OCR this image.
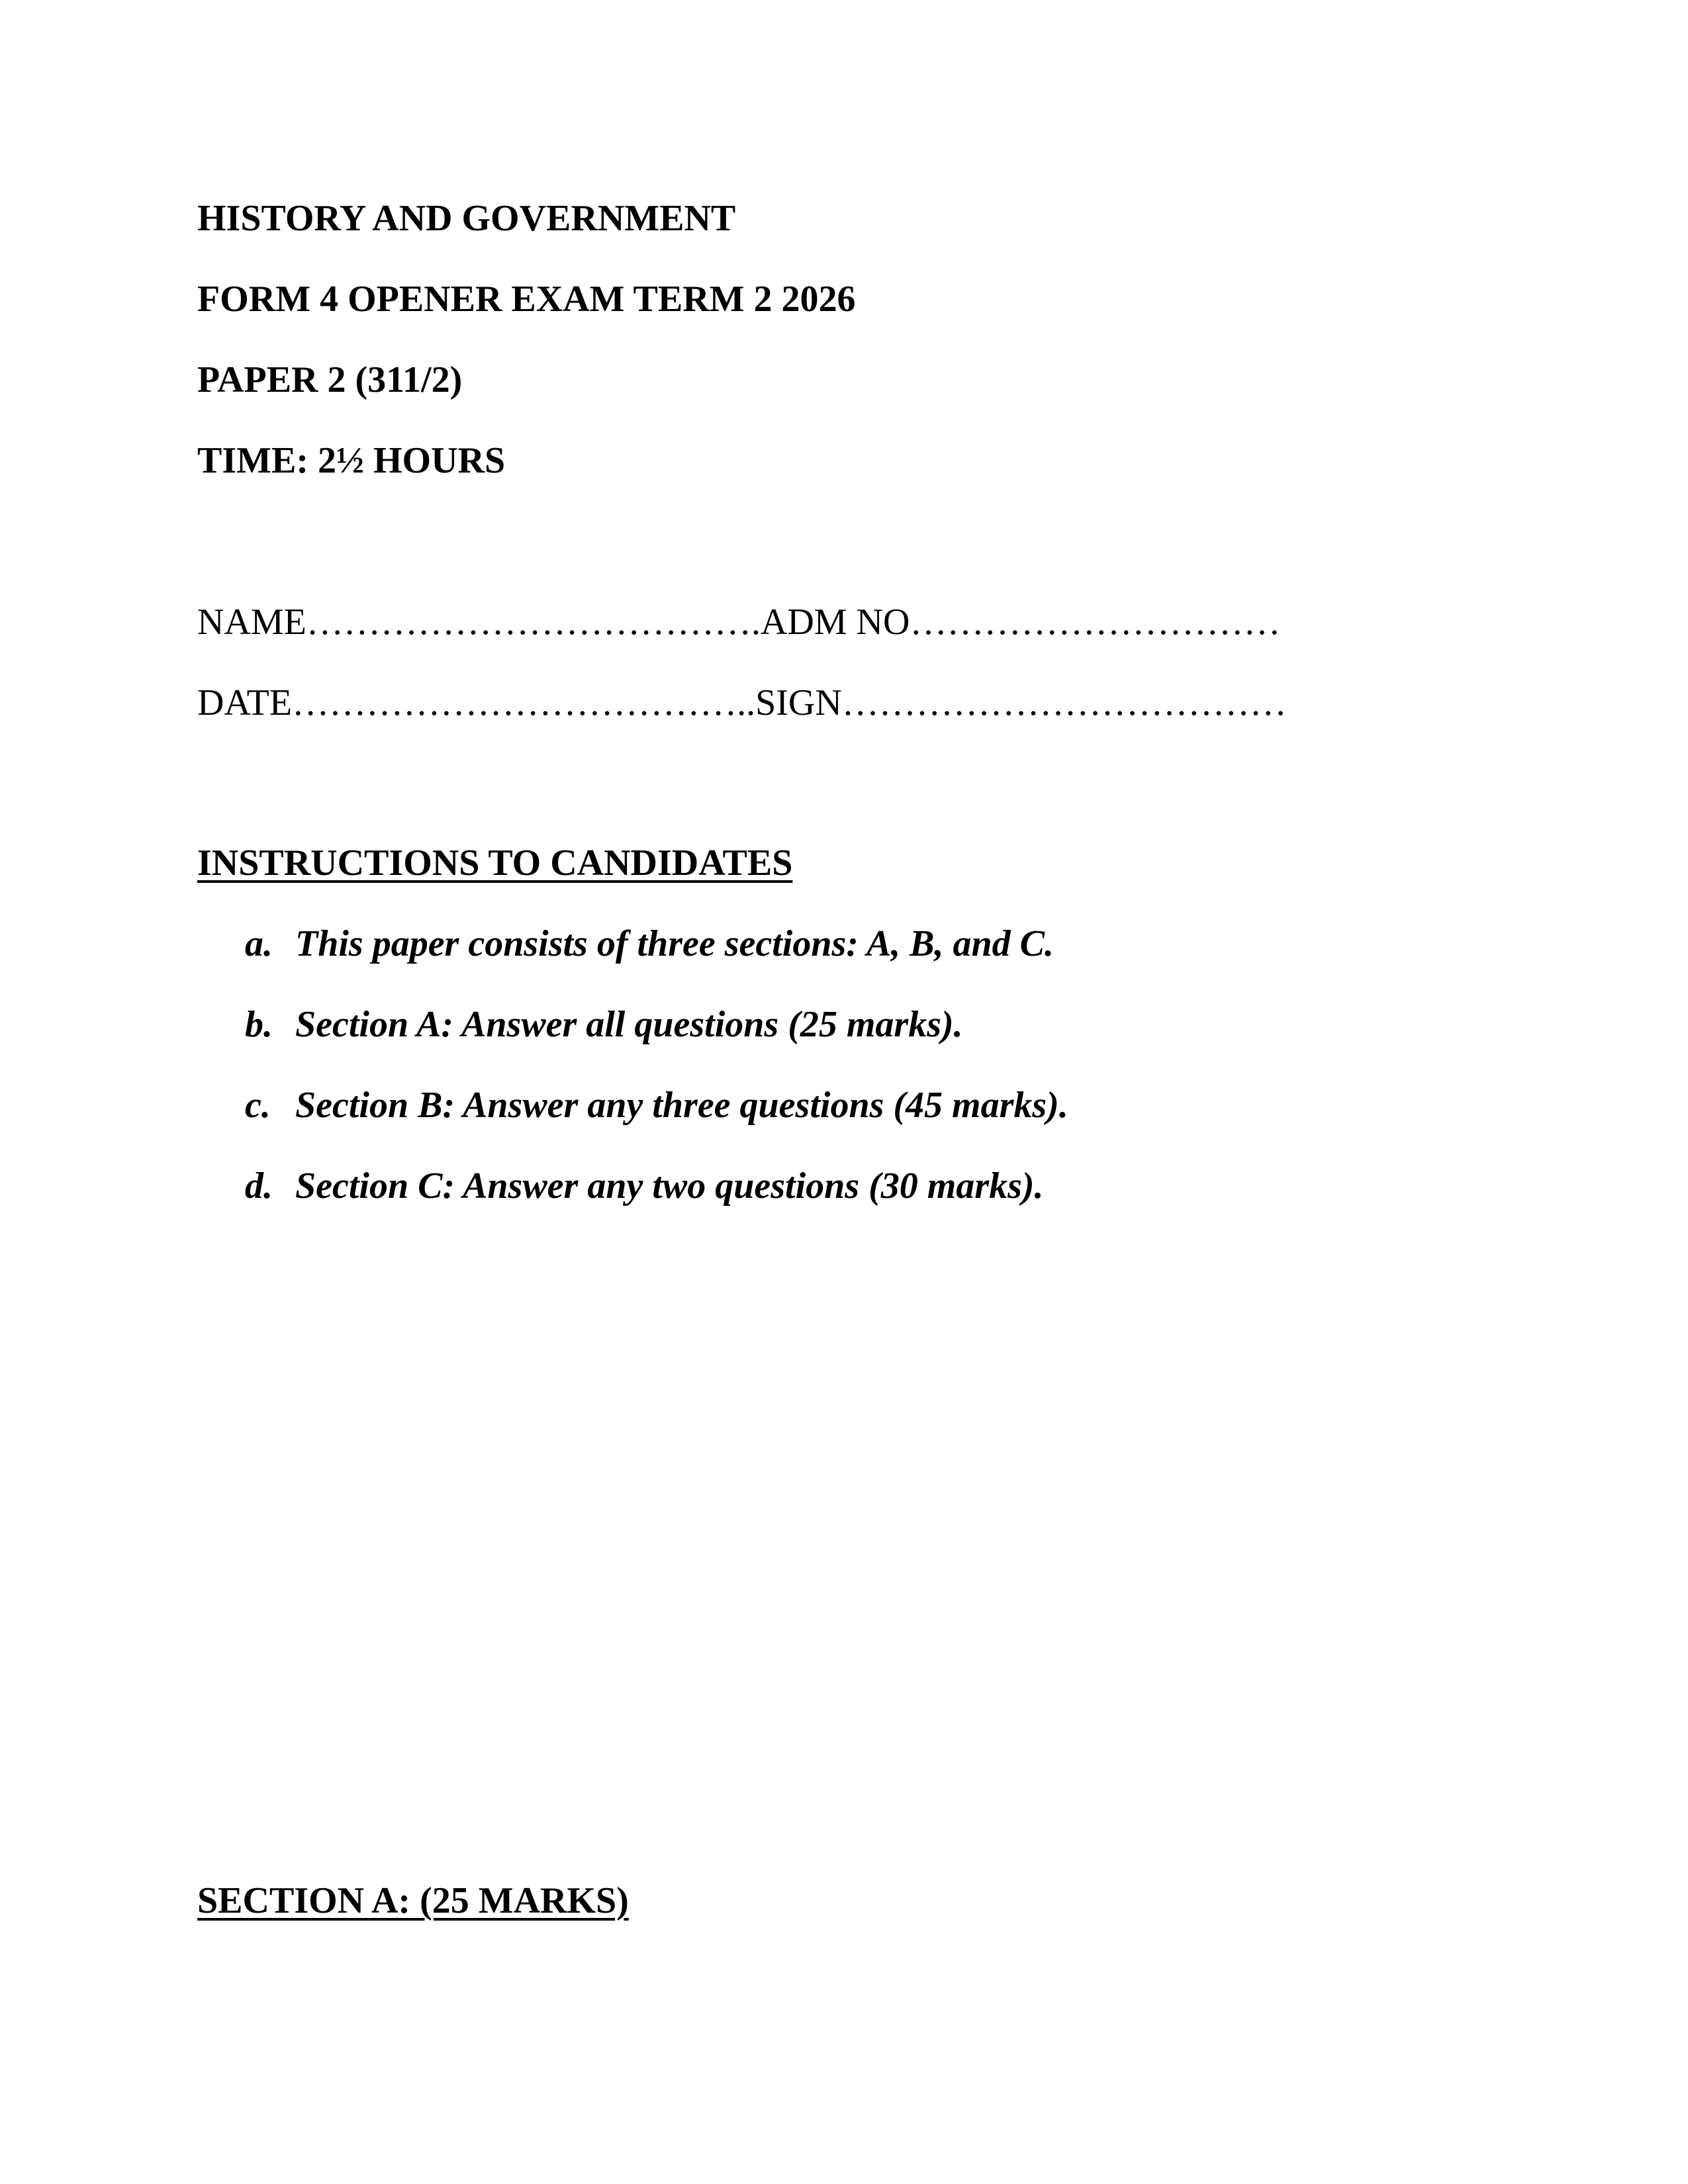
HISTORY AND GOVERNMENT
FORM 4 OPENER EXAM TERM 2 2026
PAPER 2 (311/2)
TIME: 2½ HOURS
NAME……………………………….ADM NO…………………………
DATE………………………………..SIGN………………………………
INSTRUCTIONS TO CANDIDATES
a. This paper consists of three sections: A, B, and C.
b. Section A: Answer all questions (25 marks).
c. Section B: Answer any three questions (45 marks).
d. Section C: Answer any two questions (30 marks).
SECTION A: (25 MARKS)
